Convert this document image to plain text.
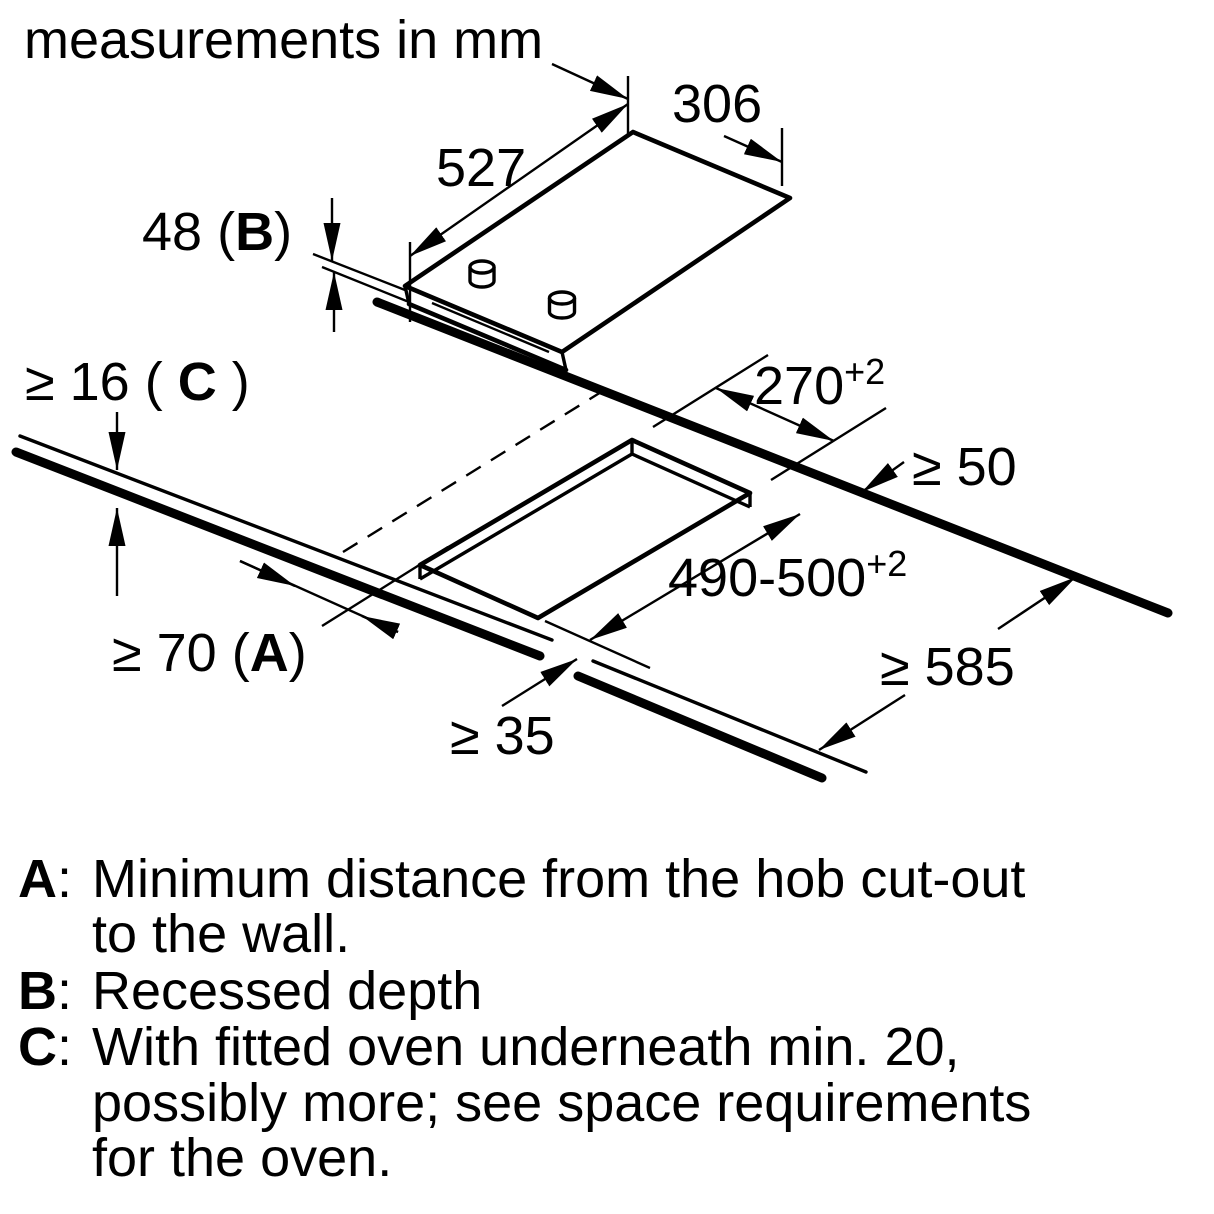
measurements in mm
527
306
48 (B)
≥ 16 ( C )	$270^{+2}$
≥ 50
$490-500^{+2}$
≥ 70 (A)
≥ 35
≥ 585
A: Minimum distance from the hob cut-out
to the wall.
B: Recessed depth
C: With fitted oven underneath min. 20,
possibly more; see space requirements
for the oven.
